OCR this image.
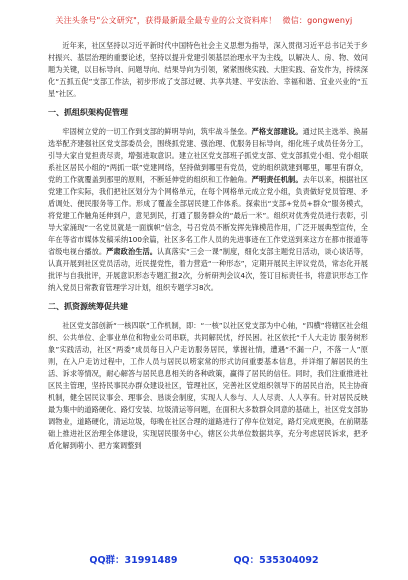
关注头条号"公文研究"，获得最新最全最专业的公文资料库！ 微信：gongwenyj

近年来，社区坚持以习近平新时代中国特色社会主义思想为指导，深入贯彻习近平总书记关于乡村振兴、基层治理的重要论述，坚持以提升党建引领基层治理水平为主线，以解决人、房、物、效问题为关键，以目标导向、问题导向、结果导向为引领，紧紧围绕实践、大胆实践、奋发作为，持续深化“五抓五促”支部工作法，初步形成了支部过硬、共享共建、平安法治、幸福和谐、宜业兴业的“五星”社区。

一、抓组织架构促管理

牢固树立党的一切工作到支部的鲜明导向，筑牢战斗堡垒。严格支部建设。通过民主选举、换届选举配齐建强社区党支部委员会，围绕抓党建、强治理、优服务目标导向，细化班子成员任务分工，引导大家自觉担责尽责，增强进取意识。建立社区党支部班子抓党支部、党支部抓党小组、党小组联系社区居民小组的“两抓一联”党建网络，坚持做到哪里有党员，党的组织就建到哪里，哪里有群众，党的工作就覆盖到那里的原则，不断延伸党的组织和工作触角。严明责任机制。去年以来，根据社区党建工作实际，我们把社区划分为个网格单元，在每个网格单元成立党小组，负责做好党员管理、矛盾调处、便民服务等工作。形成了覆盖全部居民建工作体系。探索出“支部+党员+群众”服务模式，将党建工作触角延伸到户，意见到民，打通了服务群众的“最后一米”。组织对优秀党员进行表彰，引导大家涌现“一名党员就是一面旗帜”信念，号召党员不断发挥先锋模范作用，广泛开展典型宣传，全年在等省市媒体发稿采纳100余篇，社区多名工作人员的先进事迹在工作党送到来这方在都市报道等省级电视台播放。严肃政治生活。认真落实“三会一课”制度，细化支部主题党日活动，谈心谈话等，认真开展到社区党员活动，近民提党性，着力营造“一种形态”，定期开展民主评议党员，常态化开展批评与自我批评，开展意识形态专题汇报2次，分析研判会议4次，签订目标责任书，将意识形态工作纳入党员日常教育管理学习计划，组织专题学习8次。

二、抓资源统筹促共建

社区党支部创新“一核四联”工作机制，即：“一核”以社区党支部为中心轴，“四横”将辖区社会组织、公共单位、企事业单位和物业公司串联，共同解民忧，纾民困。社区依托“千人大走访 服务树形象”实践活动，社区“两委”成员每日入户走访服务居民，掌握社情，遭遇“不漏一户，不落一人”原则，在入户走访过程中，工作人员与居民以唠家常的形式访问重要基本信息，并详细了解居民的生活、诉求等情况，耐心解答与居民息息相关的各种政策，赢得了居民的信任。同时，我们注重推进社区民主管理，坚持民事民办群众建设社区，管理社区，完善社区党组织领导下的居民自治，民主协商机制，健全居民议事会、理事会、恳谈会制度，实现人人参与、人人尽责、人人享有。针对居民反映最为集中的道路硬化、路灯安装、垃圾清运等问题，在面积大多数群众同意的基础上，社区党支部协调物业，道路硬化，清运垃圾，每晚在社区合理的道路进行了停车位划定，路灯完成更换，在前期基础上推进社区治理全体建设，实现居民服务中心，辖区公共单位数据共享，充分考虑居民诉求，把矛盾化解到萌小、把方案调整到

QQ群：31991489	QQ：535304092
